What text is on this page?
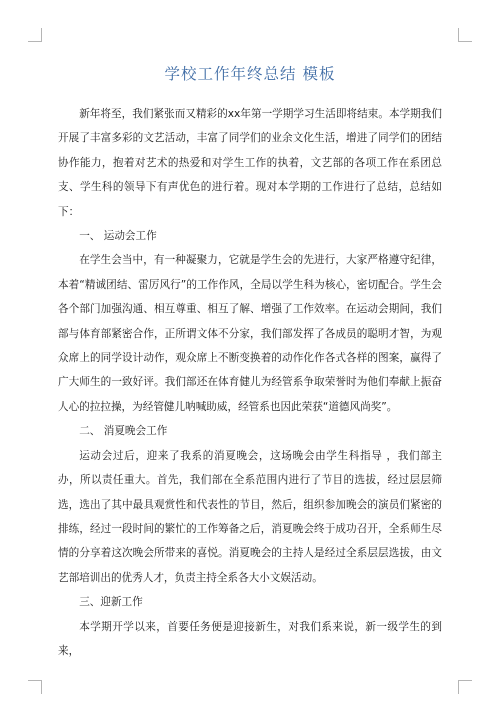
学校工作年终总结 模板

新年将至，我们紧张而又精彩的xx年第一学期学习生活即将结束。本学期我们开展了丰富多彩的文艺活动，丰富了同学们的业余文化生活，增进了同学们的团结协作能力，抱着对艺术的热爱和对学生工作的执着，文艺部的各项工作在系团总支、学生科的领导下有声优色的进行着。现对本学期的工作进行了总结，总结如下：

一、 运动会工作

在学生会当中，有一种凝聚力，它就是学生会的先进行，大家严格遵守纪律，本着“精诚团结、雷厉风行”的工作作风，全局以学生科为核心，密切配合。学生会各个部门加强沟通、相互尊重、相互了解、增强了工作效率。在运动会期间，我们部与体育部紧密合作，正所谓文体不分家，我们部发挥了各成员的聪明才智，为观众席上的同学设计动作，观众席上不断变换着的动作化作各式各样的图案，赢得了广大师生的一致好评。我们部还在体育健儿为经管系争取荣誉时为他们奉献上振奋人心的拉拉操，为经管健儿呐喊助威，经管系也因此荣获“道德风尚奖”。

二、 消夏晚会工作

运动会过后，迎来了我系的消夏晚会，这场晚会由学生科指导 ，我们部主办，所以责任重大。首先，我们部在全系范围内进行了节目的选拔，经过层层筛选，选出了其中最具观赏性和代表性的节目，然后，组织参加晚会的演员们紧密的排练，经过一段时间的繁忙的工作筹备之后，消夏晚会终于成功召开，全系师生尽情的分享着这次晚会所带来的喜悦。消夏晚会的主持人是经过全系层层选拔，由文艺部培训出的优秀人才，负责主持全系各大小文娱活动。

三、迎新工作

本学期开学以来，首要任务便是迎接新生，对我们系来说，新一级学生的到来，
